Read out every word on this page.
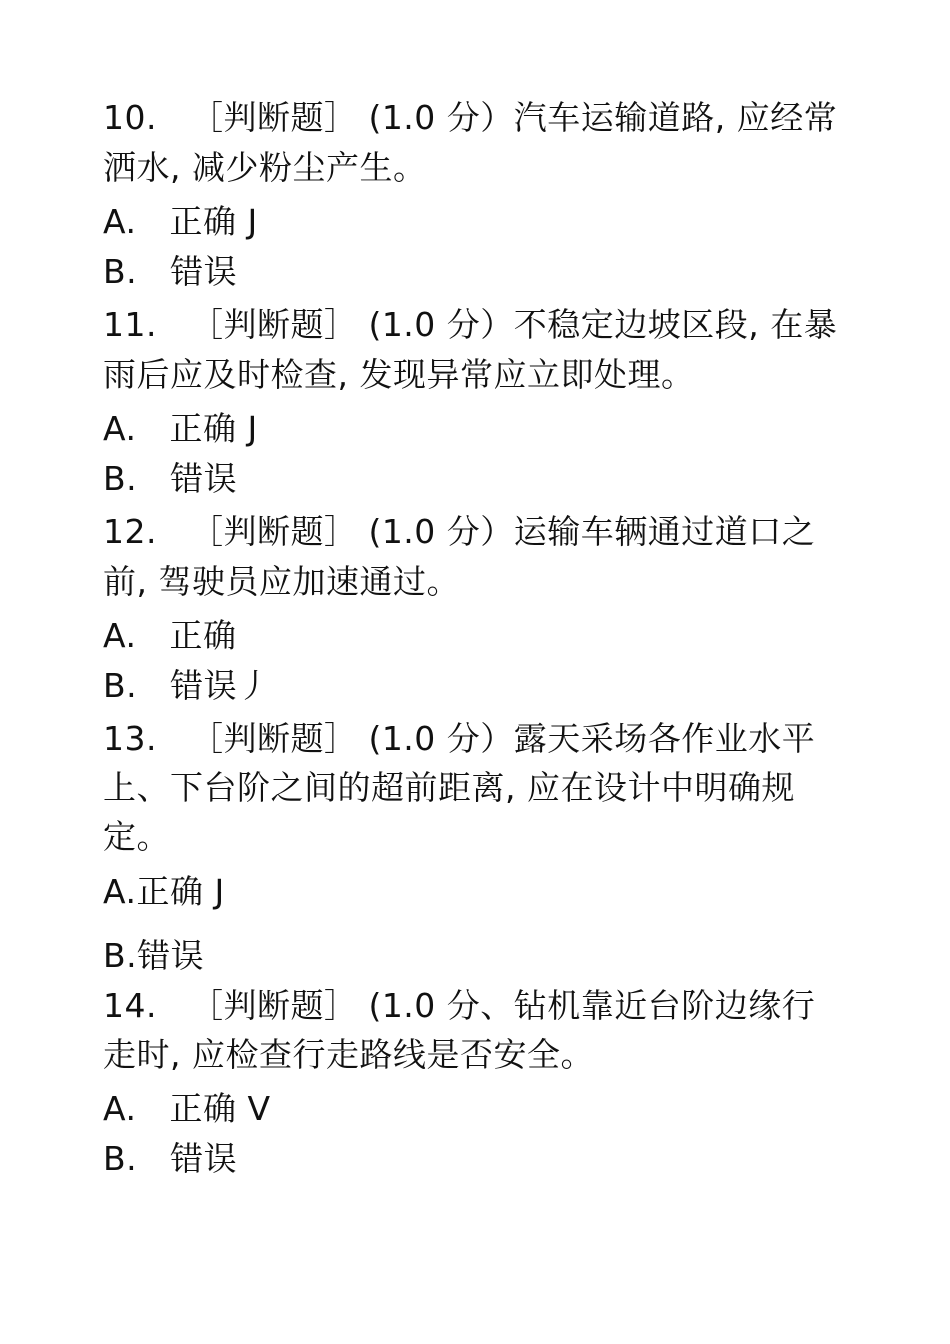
10.   ［判断题］ (1.0 分）汽车运输道路, 应经常

洒水, 减少粉尘产生。

A.   正确 J

B.   错误

11.   ［判断题］ (1.0 分）不稳定边坡区段, 在暴

雨后应及时检查, 发现异常应立即处理。

A.   正确 J

B.   错误

12.   ［判断题］ (1.0 分）运输车辆通过道口之

前, 驾驶员应加速通过。

A.   正确

B.   错误丿

13.   ［判断题］ (1.0 分）露天采场各作业水平

上、下台阶之间的超前距离, 应在设计中明确规

定。

A.正确 J

B.错误

14.   ［判断题］ (1.0 分、钻机靠近台阶边缘行

走时, 应检查行走路线是否安全。

A.   正确 V

B.   错误
